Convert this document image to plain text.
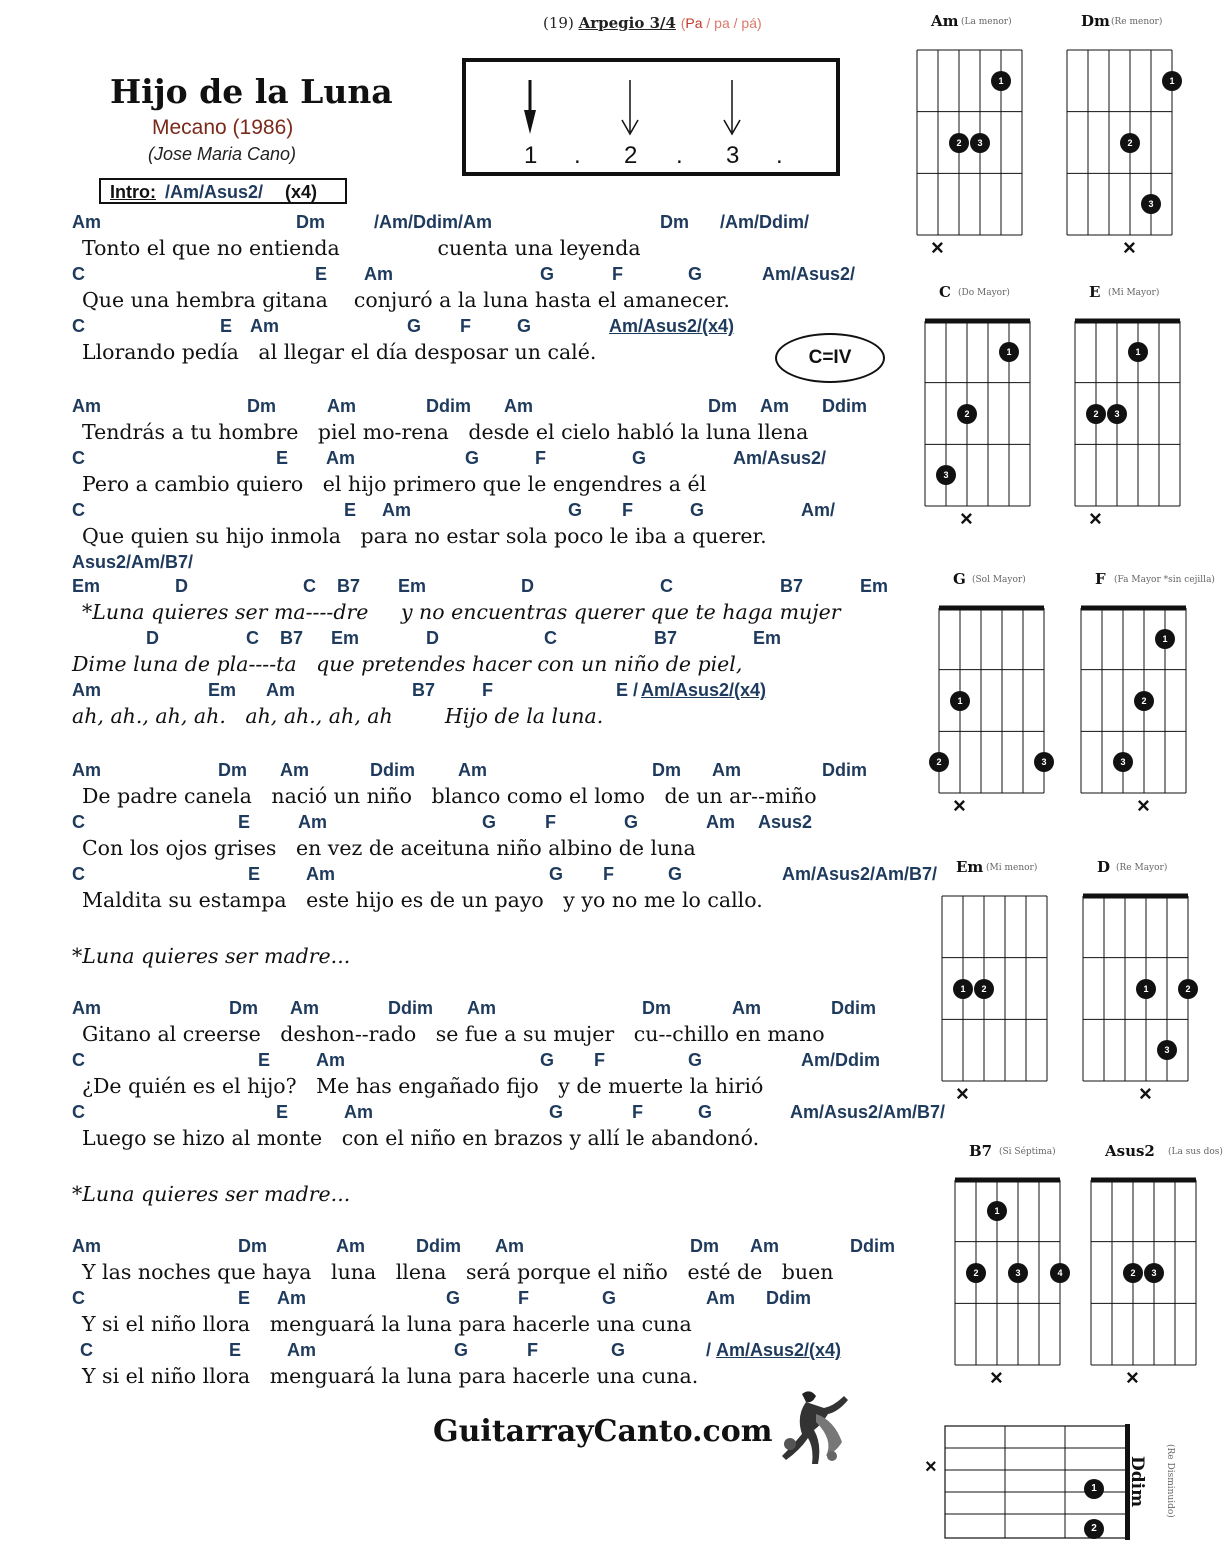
(19) Arpegio 3/4 (Pa / pa / pá)
Hijo de la Luna
Mecano (1986)
(Jose Maria Cano)
Intro: /Am/Asus2/ (x4)
1 . 2 . 3 .
C=IV
Am	Dm	/Am/Ddim/Am	Dm /Am/Ddim/
Tonto el que no entienda               cuenta una leyenda
C	E Am	G	F	G	Am/Asus2/
Que una hembra gitana    conjuró a la luna hasta el amanecer.
C	E Am	G F	G	Am/Asus2/(x4)
Llorando pedía   al llegar el día desposar un calé.
Am	Dm	Am	Ddim Am	Dm Am Ddim
Tendrás a tu hombre   piel mo-rena   desde el cielo habló la luna llena
C	E Am	G	F	G	Am/Asus2/
Pero a cambio quiero   el hijo primero que le engendres a él
C	E Am	G F	G	Am/
Que quien su hijo inmola   para no estar sola poco le iba a querer.
Asus2/Am/B7/
Em	D	C B7 Em	D	C	B7	Em
*Luna quieres ser ma----dre     y no encuentras querer que te haga mujer
D	C B7 Em	D	C	B7	Em
Dime luna de pla----ta   que pretendes hacer con un niño de piel,
Am	Em Am	B7	F	E / Am/Asus2/(x4)
ah, ah., ah, ah.   ah, ah., ah, ah        Hijo de la luna.
Am	Dm Am	Ddim Am	Dm Am	Ddim
De padre canela   nació un niño   blanco como el lomo   de un ar--miño
C	E	Am	G	F	G	Am Asus2
Con los ojos grises   en vez de aceituna niño albino de luna
C	E	Am	G F	G	Am/Asus2/Am/B7/
Maldita su estampa   este hijo es de un payo   y yo no me lo callo.
*Luna quieres ser madre...
Am	Dm Am	Ddim Am	Dm	Am	Ddim
Gitano al creerse   deshon--rado   se fue a su mujer   cu--chillo en mano
C	E	Am	G F	G	Am/Ddim
¿De quién es el hijo?   Me has engañado fijo   y de muerte la hirió
C	E	Am	G	F	G	Am/Asus2/Am/B7/
Luego se hizo al monte   con el niño en brazos y allí le abandonó.
*Luna quieres ser madre...
Am	Dm	Am	Ddim Am	Dm Am	Ddim
Y las noches que haya   luna   llena   será porque el niño   esté de   buen
C	E Am	G	F	G	Am Ddim
Y si el niño llora   menguará la luna para hacerle una cuna
C	E	Am	G	F	G	/ Am/Asus2/(x4)
Y si el niño llora   menguará la luna para hacerle una cuna.
GuitarrayCanto.com
Am (La menor)
1
2	3
×
Dm (Re menor)
1
2
3
×
C (Do Mayor)
1
2
3
×
E (Mi Mayor)
1
2	3
×
G (Sol Mayor)
1
2	3
×
F (Fa Mayor *sin cejilla)
1
2
3
×
Em (Mi menor)
1	2
×
D (Re Mayor)
1	2
3
×
B7 (Si Séptima)
1
2	3	4
×
Asus2 (La sus dos)
2	3
×
×
1
2
Ddim (Re Disminuido)
